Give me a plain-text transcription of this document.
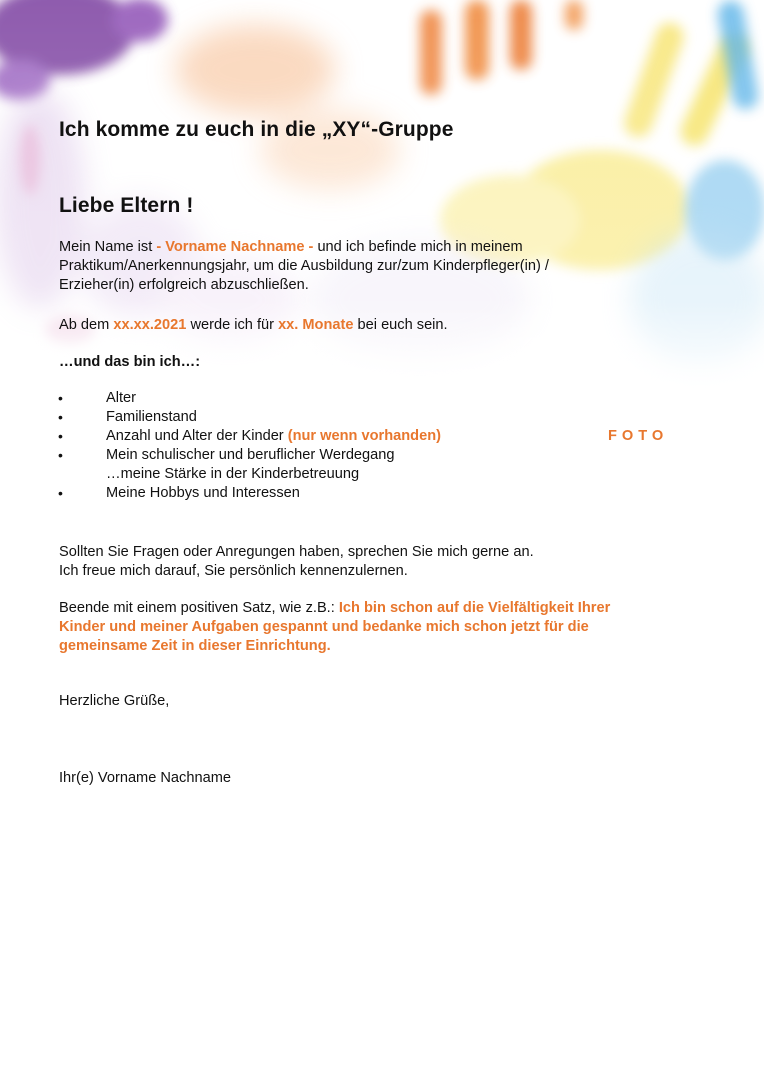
Ich komme zu euch in die „XY“-Gruppe
Liebe Eltern !
Mein Name ist - Vorname Nachname - und ich befinde mich in meinem
Praktikum/Anerkennungsjahr, um die Ausbildung zur/zum Kinderpfleger(in) /
Erzieher(in) erfolgreich abzuschließen.
Ab dem xx.xx.2021 werde ich für xx. Monate bei euch sein.
…und das bin ich…:
•	Alter
•	Familienstand
•	Anzahl und Alter der Kinder (nur wenn vorhanden)
•	Mein schulischer und beruflicher Werdegang
…meine Stärke in der Kinderbetreuung
•	Meine Hobbys und Interessen
FOTO
Sollten Sie Fragen oder Anregungen haben, sprechen Sie mich gerne an.
Ich freue mich darauf, Sie persönlich kennenzulernen.
Beende mit einem positiven Satz, wie z.B.: Ich bin schon auf die Vielfältigkeit Ihrer
Kinder und meiner Aufgaben gespannt und bedanke mich schon jetzt für die
gemeinsame Zeit in dieser Einrichtung.
Herzliche Grüße,
Ihr(e) Vorname Nachname
